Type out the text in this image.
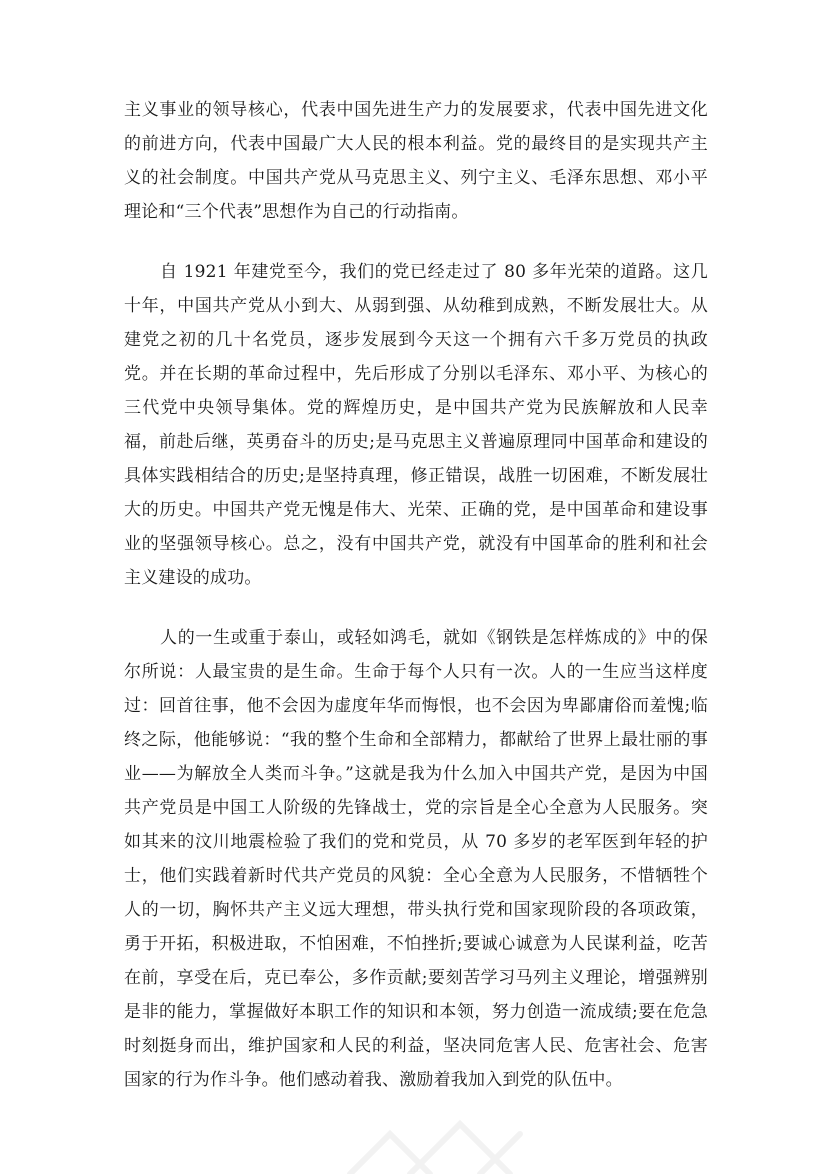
主义事业的领导核心，代表中国先进生产力的发展要求，代表中国先进文化的前进方向，代表中国最广大人民的根本利益。党的最终目的是实现共产主义的社会制度。中国共产党从马克思主义、列宁主义、毛泽东思想、邓小平理论和“三个代表”思想作为自己的行动指南。

自 1921 年建党至今，我们的党已经走过了 80 多年光荣的道路。这几十年，中国共产党从小到大、从弱到强、从幼稚到成熟，不断发展壮大。从建党之初的几十名党员，逐步发展到今天这一个拥有六千多万党员的执政党。并在长期的革命过程中，先后形成了分别以毛泽东、邓小平、为核心的三代党中央领导集体。党的辉煌历史，是中国共产党为民族解放和人民幸福，前赴后继，英勇奋斗的历史;是马克思主义普遍原理同中国革命和建设的具体实践相结合的历史;是坚持真理，修正错误，战胜一切困难，不断发展壮大的历史。中国共产党无愧是伟大、光荣、正确的党，是中国革命和建设事业的坚强领导核心。总之，没有中国共产党，就没有中国革命的胜利和社会主义建设的成功。

人的一生或重于泰山，或轻如鸿毛，就如《钢铁是怎样炼成的》中的保尔所说：人最宝贵的是生命。生命于每个人只有一次。人的一生应当这样度过：回首往事，他不会因为虚度年华而悔恨，也不会因为卑鄙庸俗而羞愧;临终之际，他能够说：“我的整个生命和全部精力，都献给了世界上最壮丽的事业——为解放全人类而斗争。”这就是我为什么加入中国共产党，是因为中国共产党员是中国工人阶级的先锋战士，党的宗旨是全心全意为人民服务。突如其来的汶川地震检验了我们的党和党员，从 70 多岁的老军医到年轻的护士，他们实践着新时代共产党员的风貌：全心全意为人民服务，不惜牺牲个人的一切，胸怀共产主义远大理想，带头执行党和国家现阶段的各项政策，勇于开拓，积极进取，不怕困难，不怕挫折;要诚心诚意为人民谋利益，吃苦在前，享受在后，克已奉公，多作贡献;要刻苦学习马列主义理论，增强辨别是非的能力，掌握做好本职工作的知识和本领，努力创造一流成绩;要在危急时刻挺身而出，维护国家和人民的利益，坚决同危害人民、危害社会、危害国家的行为作斗争。他们感动着我、激励着我加入到党的队伍中。
